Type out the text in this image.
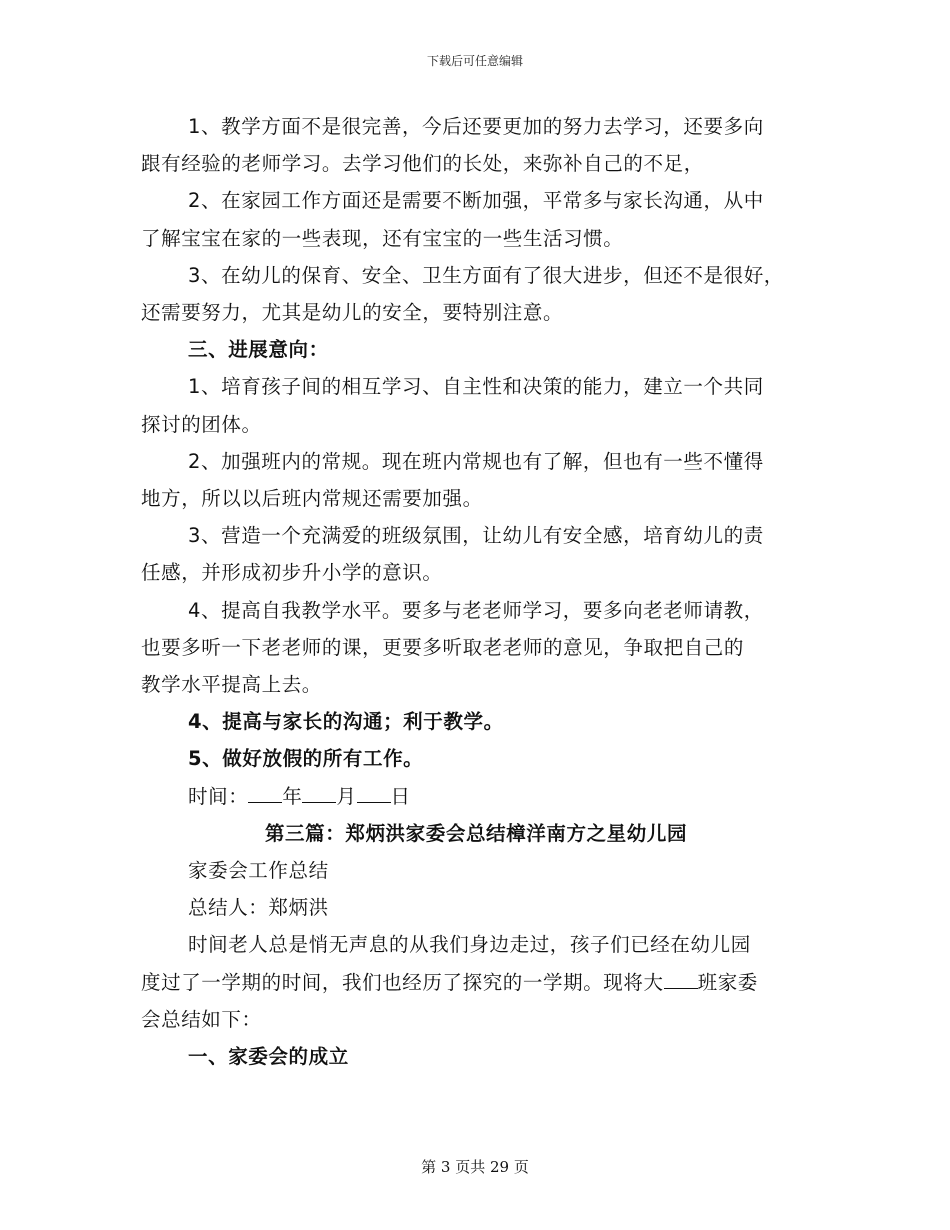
下载后可任意编辑

1、教学方面不是很完善，今后还要更加的努力去学习，还要多向

跟有经验的老师学习。去学习他们的长处，来弥补自己的不足，

2、在家园工作方面还是需要不断加强，平常多与家长沟通，从中

了解宝宝在家的一些表现，还有宝宝的一些生活习惯。

3、在幼儿的保育、安全、卫生方面有了很大进步，但还不是很好，

还需要努力，尤其是幼儿的安全，要特别注意。

三、进展意向：

1、培育孩子间的相互学习、自主性和决策的能力，建立一个共同

探讨的团体。

2、加强班内的常规。现在班内常规也有了解，但也有一些不懂得

地方，所以以后班内常规还需要加强。

3、营造一个充满爱的班级氛围，让幼儿有安全感，培育幼儿的责

任感，并形成初步升小学的意识。

4、提高自我教学水平。要多与老老师学习，要多向老老师请教，

也要多听一下老老师的课，更要多听取老老师的意见，争取把自己的

教学水平提高上去。

4、提高与家长的沟通；利于教学。

5、做好放假的所有工作。

时间： 年 月 日

第三篇：郑炳洪家委会总结樟洋南方之星幼儿园

家委会工作总结

总结人：郑炳洪

时间老人总是悄无声息的从我们身边走过，孩子们已经在幼儿园

度过了一学期的时间，我们也经历了探究的一学期。现将大 班家委

会总结如下：

一、家委会的成立

第 3 页共 29 页
